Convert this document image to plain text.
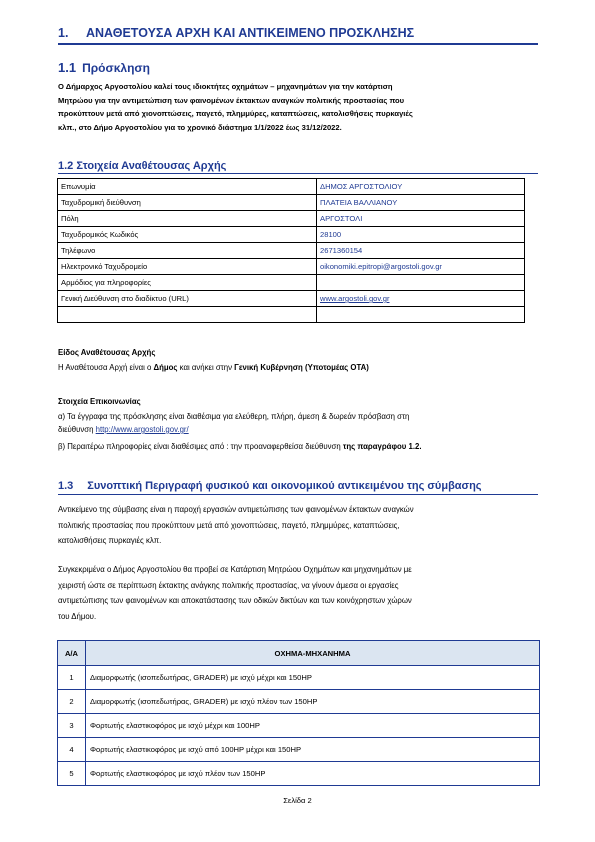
1. ΑΝΑΘΕΤΟΥΣΑ ΑΡΧΗ ΚΑΙ ΑΝΤΙΚΕΙΜΕΝΟ ΠΡΟΣΚΛΗΣΗΣ
1.1 Πρόσκληση
Ο Δήμαρχος Αργοστολίου καλεί τους ιδιοκτήτες οχημάτων – μηχανημάτων για την κατάρτιση
Μητρώου για την αντιμετώπιση των φαινομένων έκτακτων αναγκών πολιτικής προστασίας που
προκύπτουν μετά από χιονοπτώσεις, παγετό, πλημμύρες, καταπτώσεις, κατολισθήσεις πυρκαγιές
κλπ., στο Δήμο Αργοστολίου για το χρονικό διάστημα 1/1/2022 έως 31/12/2022.
1.2 Στοιχεία Αναθέτουσας Αρχής
Επωνυμία	ΔΗΜΟΣ ΑΡΓΟΣΤΟΛΙΟΥ
Ταχυδρομική διεύθυνση	ΠΛΑΤΕΙΑ ΒΑΛΛΙΑΝΟΥ
Πόλη	ΑΡΓΟΣΤΟΛΙ
Ταχυδρομικός Κωδικός	28100
Τηλέφωνο	2671360154
Ηλεκτρονικό Ταχυδρομείο	oikonomiki.epitropi@argostoli.gov.gr
Αρμόδιος για πληροφορίες	
Γενική Διεύθυνση στο διαδίκτυο (URL)	www.argostoli.gov.gr

Είδος Αναθέτουσας Αρχής
Η Αναθέτουσα Αρχή είναι ο Δήμος και ανήκει στην Γενική Κυβέρνηση (Υποτομέας ΟΤΑ)
Στοιχεία Επικοινωνίας
α) Τα έγγραφα της πρόσκλησης είναι διαθέσιμα για ελεύθερη, πλήρη, άμεση & δωρεάν πρόσβαση στη
διεύθυνση http://www.argostoli.gov.gr/
β) Περαιτέρω πληροφορίες είναι διαθέσιμες από : την προαναφερθείσα διεύθυνση της παραγράφου 1.2.
1.3 Συνοπτική Περιγραφή φυσικού και οικονομικού αντικειμένου της σύμβασης
Αντικείμενο της σύμβασης είναι η παροχή εργασιών αντιμετώπισης των φαινομένων έκτακτων αναγκών
πολιτικής προστασίας που προκύπτουν μετά από χιονοπτώσεις, παγετό, πλημμύρες, καταπτώσεις,
κατολισθήσεις πυρκαγιές κλπ.
Συγκεκριμένα ο Δήμος Αργοστολίου θα προβεί σε Κατάρτιση Μητρώου Οχημάτων και μηχανημάτων με
χειριστή ώστε σε περίπτωση έκτακτης ανάγκης πολιτικής προστασίας, να γίνουν άμεσα οι εργασίες
αντιμετώπισης των φαινομένων και αποκατάστασης των οδικών δικτύων και των κοινόχρηστων χώρων
του Δήμου.
Α/Α	ΟΧΗΜΑ-ΜΗΧΑΝΗΜΑ
1	Διαμορφωτής (ισοπεδωτήρας, GRADER) με ισχύ μέχρι και 150HP
2	Διαμορφωτής (ισοπεδωτήρας, GRADER) με ισχύ πλέον των 150HP
3	Φορτωτής ελαστικοφόρος με ισχύ μέχρι και 100HP
4	Φορτωτής ελαστικοφόρος με ισχύ από 100HP μέχρι και 150HP
5	Φορτωτής ελαστικοφόρος με ισχύ πλέον των 150HP
Σελίδα 2
